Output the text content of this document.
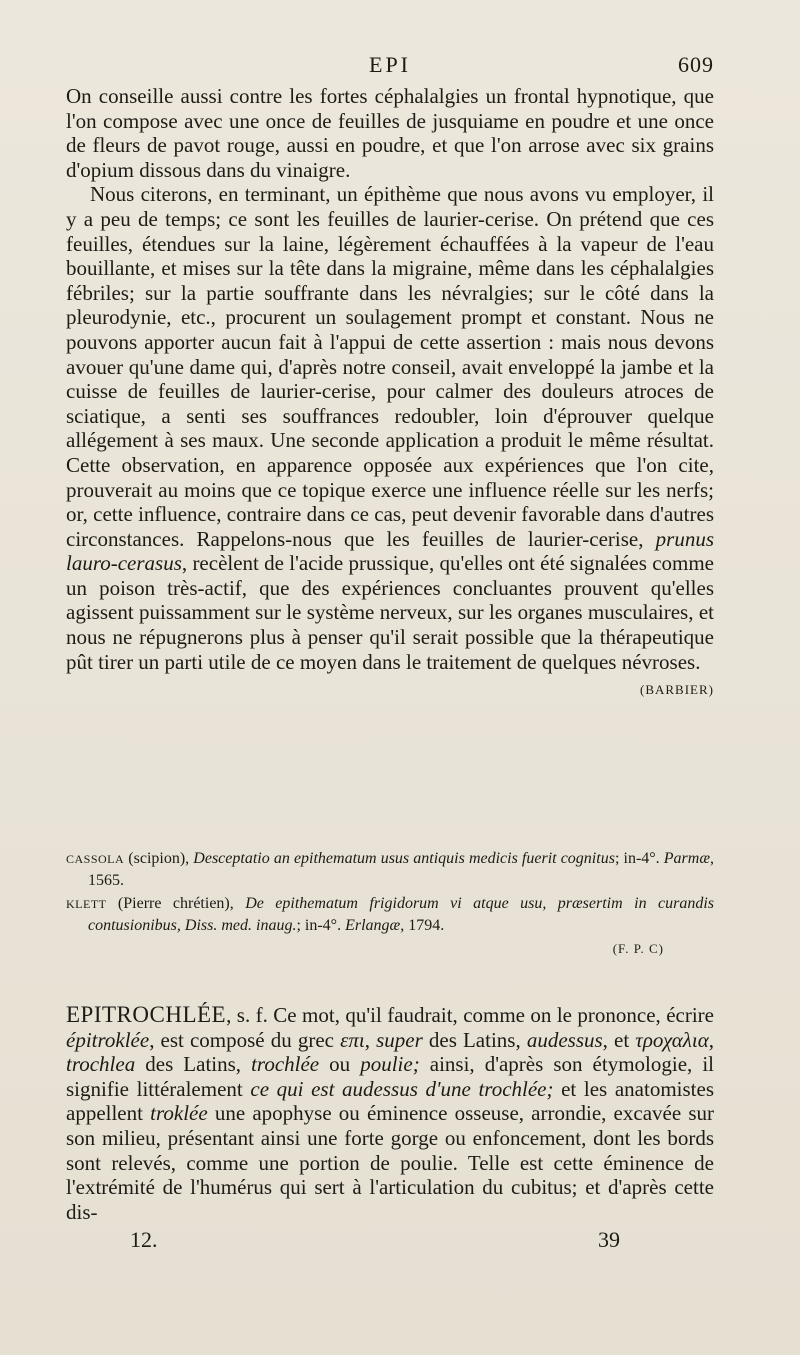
EPI	609

On conseille aussi contre les fortes céphalalgies un frontal hypnotique, que l'on compose avec une once de feuilles de jusquiame en poudre et une once de fleurs de pavot rouge, aussi en poudre, et que l'on arrose avec six grains d'opium dissous dans du vinaigre.

Nous citerons, en terminant, un épithème que nous avons vu employer, il y a peu de temps; ce sont les feuilles de laurier-cerise. On prétend que ces feuilles, étendues sur la laine, légèrement échauffées à la vapeur de l'eau bouillante, et mises sur la tête dans la migraine, même dans les céphalalgies fébriles; sur la partie souffrante dans les névralgies; sur le côté dans la pleurodynie, etc., procurent un soulagement prompt et constant. Nous ne pouvons apporter aucun fait à l'appui de cette assertion : mais nous devons avouer qu'une dame qui, d'après notre conseil, avait enveloppé la jambe et la cuisse de feuilles de laurier-cerise, pour calmer des douleurs atroces de sciatique, a senti ses souffrances redoubler, loin d'éprouver quelque allégement à ses maux. Une seconde application a produit le même résultat. Cette observation, en apparence opposée aux expériences que l'on cite, prouverait au moins que ce topique exerce une influence réelle sur les nerfs; or, cette influence, contraire dans ce cas, peut devenir favorable dans d'autres circonstances. Rappelons-nous que les feuilles de laurier-cerise, prunus lauro-cerasus, recèlent de l'acide prussique, qu'elles ont été signalées comme un poison très-actif, que des expériences concluantes prouvent qu'elles agissent puissamment sur le système nerveux, sur les organes musculaires, et nous ne répugnerons plus à penser qu'il serait possible que la thérapeutique pût tirer un parti utile de ce moyen dans le traitement de quelques névroses.
(BARBIER)

CASSOLA (scipion), Desceptatio an epithematum usus antiquis medicis fuerit cognitus; in-4°. Parmæ, 1565.

KLETT (Pierre chrétien), De epithematum frigidorum vi atque usu, præsertim in curandis contusionibus, Diss. med. inaug.; in-4°. Erlangæ, 1794.

(F. P. C)
EPITROCHLÉE, s. f. Ce mot, qu'il faudrait, comme on le prononce, écrire épitroklée, est composé du grec επι, super des Latins, audessus, et τροχαλια, trochlea des Latins, trochlée ou poulie; ainsi, d'après son étymologie, il signifie littéralement ce qui est audessus d'une trochlée; et les anatomistes appellent troklée une apophyse ou éminence osseuse, arrondie, excavée sur son milieu, présentant ainsi une forte gorge ou enfoncement, dont les bords sont relevés, comme une portion de poulie. Telle est cette éminence de l'extrémité de l'humérus qui sert à l'articulation du cubitus; et d'après cette dis-
12.	39
